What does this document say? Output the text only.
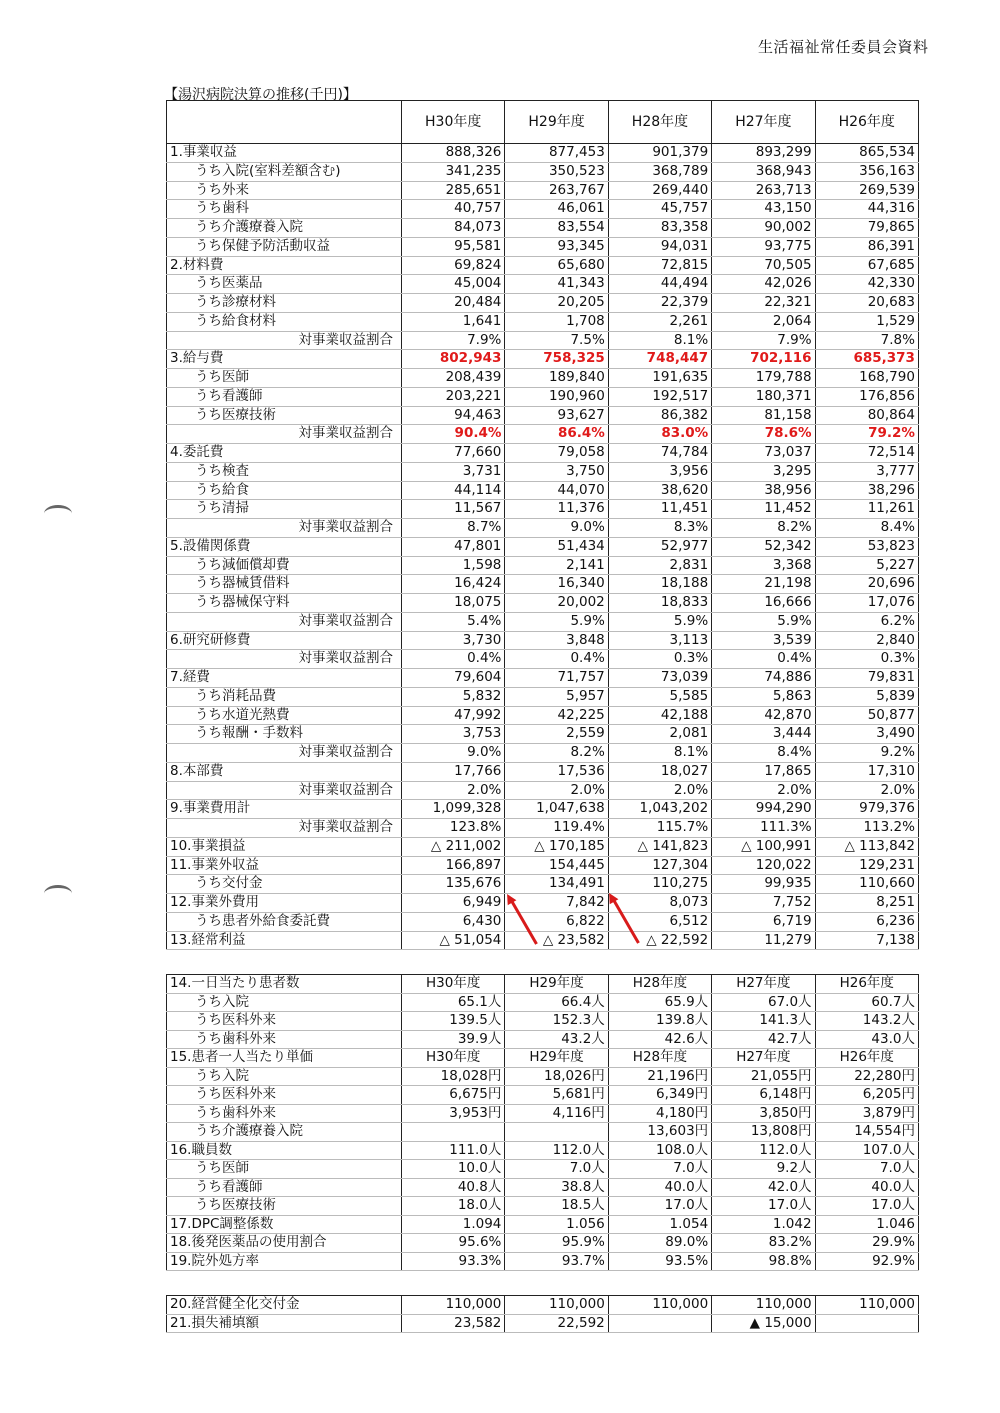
生活福祉常任委員会資料
【湯沢病院決算の推移(千円)】
	H30年度	H29年度	H28年度	H27年度	H26年度
1.事業収益	888,326	877,453	901,379	893,299	865,534
うち入院(室料差額含む)	341,235	350,523	368,789	368,943	356,163
うち外来	285,651	263,767	269,440	263,713	269,539
うち歯科	40,757	46,061	45,757	43,150	44,316
うち介護療養入院	84,073	83,554	83,358	90,002	79,865
うち保健予防活動収益	95,581	93,345	94,031	93,775	86,391
2.材料費	69,824	65,680	72,815	70,505	67,685
うち医薬品	45,004	41,343	44,494	42,026	42,330
うち診療材料	20,484	20,205	22,379	22,321	20,683
うち給食材料	1,641	1,708	2,261	2,064	1,529
対事業収益割合	7.9%	7.5%	8.1%	7.9%	7.8%
3.給与費	802,943	758,325	748,447	702,116	685,373
うち医師	208,439	189,840	191,635	179,788	168,790
うち看護師	203,221	190,960	192,517	180,371	176,856
うち医療技術	94,463	93,627	86,382	81,158	80,864
対事業収益割合	90.4%	86.4%	83.0%	78.6%	79.2%
4.委託費	77,660	79,058	74,784	73,037	72,514
うち検査	3,731	3,750	3,956	3,295	3,777
うち給食	44,114	44,070	38,620	38,956	38,296
うち清掃	11,567	11,376	11,451	11,452	11,261
対事業収益割合	8.7%	9.0%	8.3%	8.2%	8.4%
5.設備関係費	47,801	51,434	52,977	52,342	53,823
うち減価償却費	1,598	2,141	2,831	3,368	5,227
うち器械賃借料	16,424	16,340	18,188	21,198	20,696
うち器械保守料	18,075	20,002	18,833	16,666	17,076
対事業収益割合	5.4%	5.9%	5.9%	5.9%	6.2%
6.研究研修費	3,730	3,848	3,113	3,539	2,840
対事業収益割合	0.4%	0.4%	0.3%	0.4%	0.3%
7.経費	79,604	71,757	73,039	74,886	79,831
うち消耗品費	5,832	5,957	5,585	5,863	5,839
うち水道光熱費	47,992	42,225	42,188	42,870	50,877
うち報酬・手数料	3,753	2,559	2,081	3,444	3,490
対事業収益割合	9.0%	8.2%	8.1%	8.4%	9.2%
8.本部費	17,766	17,536	18,027	17,865	17,310
対事業収益割合	2.0%	2.0%	2.0%	2.0%	2.0%
9.事業費用計	1,099,328	1,047,638	1,043,202	994,290	979,376
対事業収益割合	123.8%	119.4%	115.7%	111.3%	113.2%
10.事業損益	△ 211,002	△ 170,185	△ 141,823	△ 100,991	△ 113,842
11.事業外収益	166,897	154,445	127,304	120,022	129,231
うち交付金	135,676	134,491	110,275	99,935	110,660
12.事業外費用	6,949	7,842	8,073	7,752	8,251
うち患者外給食委託費	6,430	6,822	6,512	6,719	6,236
13.経常利益	△ 51,054	△ 23,582	△ 22,592	11,279	7,138
14.一日当たり患者数	H30年度	H29年度	H28年度	H27年度	H26年度
うち入院	65.1人	66.4人	65.9人	67.0人	60.7人
うち医科外来	139.5人	152.3人	139.8人	141.3人	143.2人
うち歯科外来	39.9人	43.2人	42.6人	42.7人	43.0人
15.患者一人当たり単価	H30年度	H29年度	H28年度	H27年度	H26年度
うち入院	18,028円	18,026円	21,196円	21,055円	22,280円
うち医科外来	6,675円	5,681円	6,349円	6,148円	6,205円
うち歯科外来	3,953円	4,116円	4,180円	3,850円	3,879円
うち介護療養入院			13,603円	13,808円	14,554円
16.職員数	111.0人	112.0人	108.0人	112.0人	107.0人
うち医師	10.0人	7.0人	7.0人	9.2人	7.0人
うち看護師	40.8人	38.8人	40.0人	42.0人	40.0人
うち医療技術	18.0人	18.5人	17.0人	17.0人	17.0人
17.DPC調整係数	1.094	1.056	1.054	1.042	1.046
18.後発医薬品の使用割合	95.6%	95.9%	89.0%	83.2%	29.9%
19.院外処方率	93.3%	93.7%	93.5%	98.8%	92.9%
20.経営健全化交付金	110,000	110,000	110,000	110,000	110,000
21.損失補填額	23,582	22,592		▲ 15,000	
